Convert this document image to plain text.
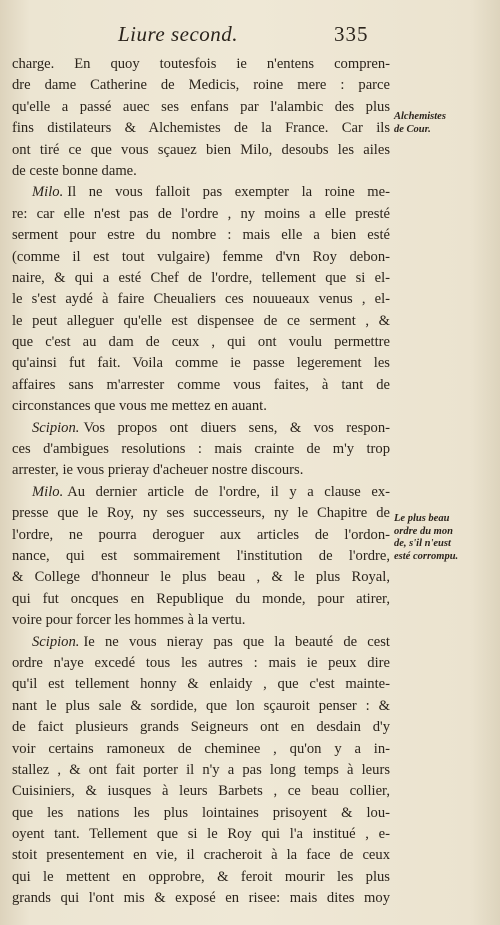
Liure second.	335
charge. En quoy toutesfois ie n'entens compren-
dre dame Catherine de Medicis, roine mere : parce
qu'elle a passé auec ses enfans par l'alambic des plus
fins distilateurs & Alchemistes de la France. Car ils
ont tiré ce que vous sçauez bien Milo, desoubs les ailes
de ceste bonne dame.
Milo. Il ne vous falloit pas exempter la roine me-
re: car elle n'est pas de l'ordre , ny moins a elle presté
serment pour estre du nombre : mais elle a bien esté
(comme il est tout vulgaire) femme d'vn Roy debon-
naire, & qui a esté Chef de l'ordre, tellement que si el-
le s'est aydé à faire Cheualiers ces nouueaux venus , el-
le peut alleguer qu'elle est dispensee de ce serment , &
que c'est au dam de ceux , qui ont voulu permettre
qu'ainsi fut fait. Voila comme ie passe legerement les
affaires sans m'arrester comme vous faites, à tant de
circonstances que vous me mettez en auant.
Scipion. Vos propos ont diuers sens, & vos respon-
ces d'ambigues resolutions : mais crainte de m'y trop
arrester, ie vous prieray d'acheuer nostre discours.
Milo. Au dernier article de l'ordre, il y a clause ex-
presse que le Roy, ny ses successeurs, ny le Chapitre de
l'ordre, ne pourra deroguer aux articles de l'ordon-
nance, qui est sommairement l'institution de l'ordre,
& College d'honneur le plus beau , & le plus Royal,
qui fut oncques en Republique du monde, pour atirer,
voire pour forcer les hommes à la vertu.
Scipion. Ie ne vous nieray pas que la beauté de cest
ordre n'aye excedé tous les autres : mais ie peux dire
qu'il est tellement honny & enlaidy , que c'est mainte-
nant le plus sale & sordide, que lon sçauroit penser : &
de faict plusieurs grands Seigneurs ont en desdain d'y
voir certains ramoneux de cheminee , qu'on y a in-
stallez , & ont fait porter il n'y a pas long temps à leurs
Cuisiniers, & iusques à leurs Barbets , ce beau collier,
que les nations les plus lointaines prisoyent & lou-
oyent tant. Tellement que si le Roy qui l'a institué , e-
stoit presentement en vie, il cracheroit à la face de ceux
qui le mettent en opprobre, & feroit mourir les plus
grands qui l'ont mis & exposé en risee: mais dites moy
Alchemistes
de Cour.
Le plus beau
ordre du mon
de, s'il n'eust
esté corrompu.
